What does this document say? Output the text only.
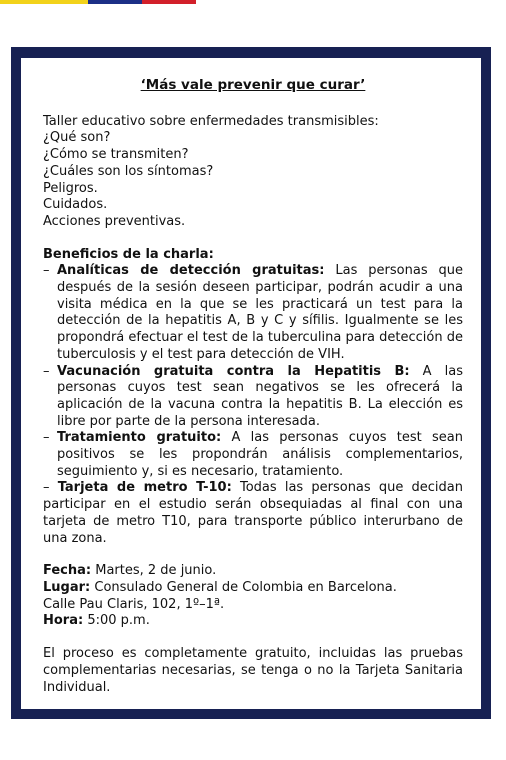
‘Más vale prevenir que curar’

Taller educativo sobre enfermedades transmisibles:

¿Qué son?

¿Cómo se transmiten?

¿Cuáles son los síntomas?

Peligros.

Cuidados.

Acciones preventivas.

Beneficios de la charla:

– Analíticas de detección gratuitas: Las personas que después de la sesión deseen participar, podrán acudir a una visita médica en la que se les practicará un test para la detección de la hepatitis A, B y C y sífilis. Igualmente se les propondrá efectuar el test de la tuberculina para detección de tuberculosis y el test para detección de VIH.
– Vacunación gratuita contra la Hepatitis B: A las personas cuyos test sean negativos se les ofrecerá la aplicación de la vacuna contra la hepatitis B. La elección es libre por parte de la persona interesada.
– Tratamiento gratuito: A las personas cuyos test sean positivos se les propondrán análisis complementarios, seguimiento y, si es necesario, tratamiento.

– Tarjeta de metro T-10: Todas las personas que decidan participar en el estudio serán obsequiadas al final con una tarjeta de metro T10, para transporte público interurbano de una zona.

Fecha: Martes, 2 de junio.

Lugar: Consulado General de Colombia en Barcelona.

Calle Pau Claris, 102, 1º–1ª.

Hora: 5:00 p.m.

El proceso es completamente gratuito, incluidas las pruebas complementarias necesarias, se tenga o no la Tarjeta Sanitaria Individual.
